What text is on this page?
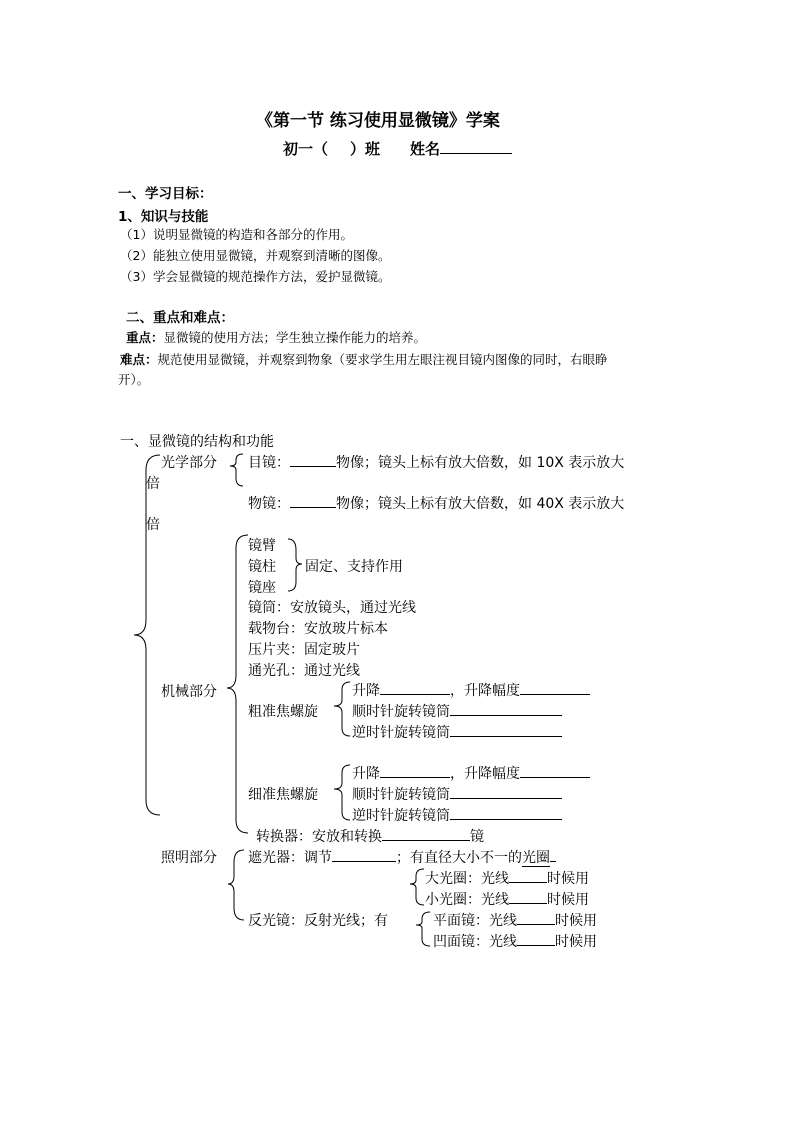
《第一节 练习使用显微镜》学案
初一（ ）班 姓名
一、学习目标：
1、知识与技能
（1）说明显微镜的构造和各部分的作用。
（2）能独立使用显微镜，并观察到清晰的图像。
（3）学会显微镜的规范操作方法，爱护显微镜。
二、重点和难点：
重点：显微镜的使用方法；学生独立操作能力的培养。
难点：规范使用显微镜，并观察到物象（要求学生用左眼注视目镜内图像的同时，右眼睁
开）。
一、显微镜的结构和功能
光学部分 目镜：	物像；镜头上标有放大倍数，如 10X 表示放大
倍
物镜：	物像；镜头上标有放大倍数，如 40X 表示放大
倍
镜臂
镜柱
镜座
固定、支持作用
镜筒：安放镜头，通过光线
载物台：安放玻片标本
压片夹：固定玻片
通光孔：通过光线
机械部分
粗准焦螺旋
升降	，升降幅度
顺时针旋转镜筒
逆时针旋转镜筒
细准焦螺旋
升降	，升降幅度
顺时针旋转镜筒
逆时针旋转镜筒
转换器：安放和转换	镜
照明部分 遮光器：调节	；有直径大小不一的光圈
大光圈：光线	时候用
小光圈：光线	时候用
反光镜：反射光线；有	平面镜：光线	时候用
凹面镜：光线	时候用
